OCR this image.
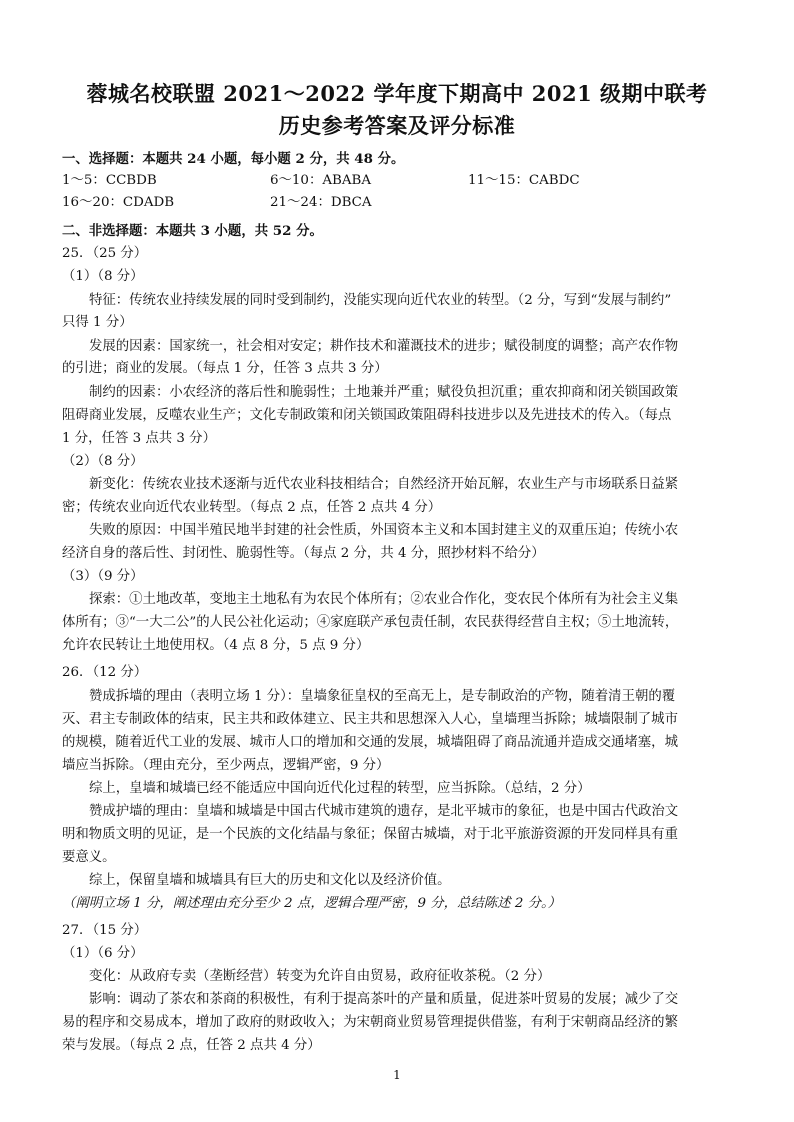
蓉城名校联盟 2021～2022 学年度下期高中 2021 级期中联考
历史参考答案及评分标准
一、选择题：本题共 24 小题，每小题 2 分，共 48 分。
1～5：CCBDB	6～10：ABABA	11～15：CABDC
16～20：CDADB	21～24：DBCA
二、非选择题：本题共 3 小题，共 52 分。
25．（25 分）
（1）（8 分）
特征：传统农业持续发展的同时受到制约，没能实现向近代农业的转型。（2 分，写到“发展与制约”
只得 1 分）
发展的因素：国家统一，社会相对安定；耕作技术和灌溉技术的进步；赋役制度的调整；高产农作物
的引进；商业的发展。（每点 1 分，任答 3 点共 3 分）
制约的因素：小农经济的落后性和脆弱性；土地兼并严重；赋役负担沉重；重农抑商和闭关锁国政策
阻碍商业发展，反噬农业生产；文化专制政策和闭关锁国政策阻碍科技进步以及先进技术的传入。（每点
1 分，任答 3 点共 3 分）
（2）（8 分）
新变化：传统农业技术逐渐与近代农业科技相结合；自然经济开始瓦解，农业生产与市场联系日益紧
密；传统农业向近代农业转型。（每点 2 点，任答 2 点共 4 分）
失败的原因：中国半殖民地半封建的社会性质，外国资本主义和本国封建主义的双重压迫；传统小农
经济自身的落后性、封闭性、脆弱性等。（每点 2 分，共 4 分，照抄材料不给分）
（3）（9 分）
探索：①土地改革，变地主土地私有为农民个体所有；②农业合作化，变农民个体所有为社会主义集
体所有；③“一大二公”的人民公社化运动；④家庭联产承包责任制，农民获得经营自主权；⑤土地流转，
允许农民转让土地使用权。（4 点 8 分，5 点 9 分）
26．（12 分）
赞成拆墙的理由（表明立场 1 分）：皇墙象征皇权的至高无上，是专制政治的产物，随着清王朝的覆
灭、君主专制政体的结束，民主共和政体建立、民主共和思想深入人心，皇墙理当拆除；城墙限制了城市
的规模，随着近代工业的发展、城市人口的增加和交通的发展，城墙阻碍了商品流通并造成交通堵塞，城
墙应当拆除。（理由充分，至少两点，逻辑严密，9 分）
综上，皇墙和城墙已经不能适应中国向近代化过程的转型，应当拆除。（总结，2 分）
赞成护墙的理由：皇墙和城墙是中国古代城市建筑的遗存，是北平城市的象征，也是中国古代政治文
明和物质文明的见证，是一个民族的文化结晶与象征；保留古城墙，对于北平旅游资源的开发同样具有重
要意义。
综上，保留皇墙和城墙具有巨大的历史和文化以及经济价值。
（阐明立场 1 分，阐述理由充分至少 2 点，逻辑合理严密，9 分，总结陈述 2 分。）
27．（15 分）
（1）（6 分）
变化：从政府专卖（垄断经营）转变为允许自由贸易，政府征收茶税。（2 分）
影响：调动了茶农和茶商的积极性，有利于提高茶叶的产量和质量，促进茶叶贸易的发展；减少了交
易的程序和交易成本，增加了政府的财政收入；为宋朝商业贸易管理提供借鉴，有利于宋朝商品经济的繁
荣与发展。（每点 2 点，任答 2 点共 4 分）
1
